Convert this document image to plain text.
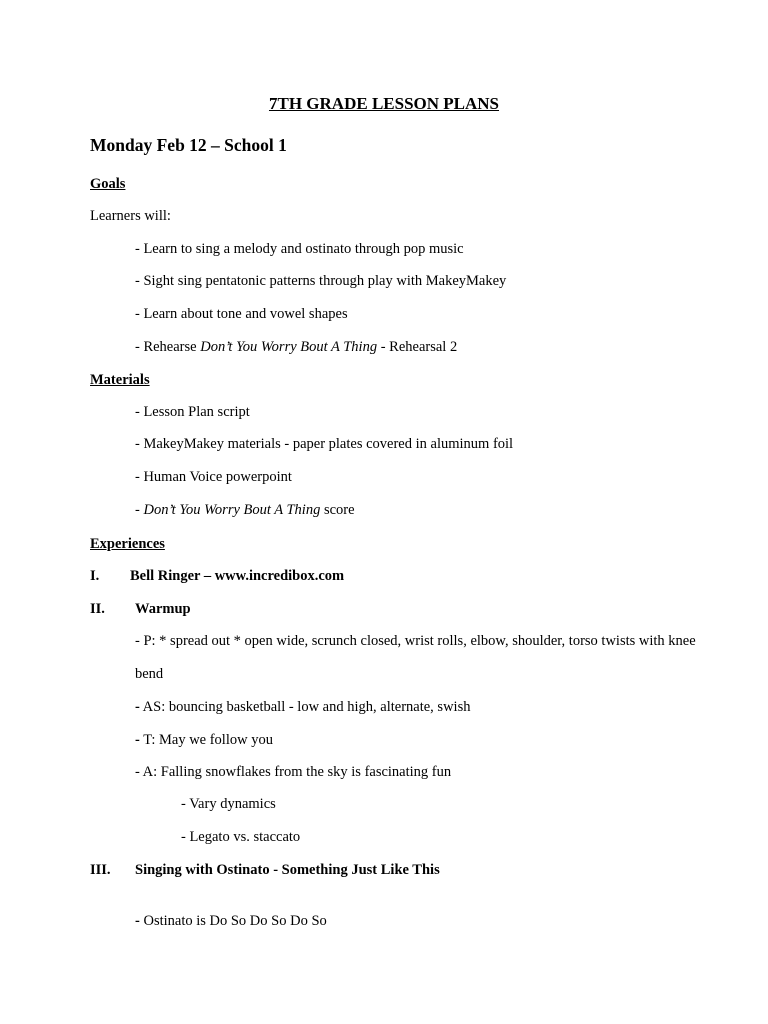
7TH GRADE LESSON PLANS
Monday Feb 12 – School 1
Goals
Learners will:
- Learn to sing a melody and ostinato through pop music
- Sight sing pentatonic patterns through play with MakeyMakey
- Learn about tone and vowel shapes
- Rehearse Don’t You Worry Bout A Thing - Rehearsal 2
Materials
- Lesson Plan script
- MakeyMakey materials - paper plates covered in aluminum foil
- Human Voice powerpoint
- Don’t You Worry Bout A Thing score
Experiences
I. Bell Ringer – www.incredibox.com
II. Warmup
- P: * spread out * open wide, scrunch closed, wrist rolls, elbow, shoulder, torso twists with knee
bend
- AS: bouncing basketball - low and high, alternate, swish
- T: May we follow you
- A: Falling snowflakes from the sky is fascinating fun
- Vary dynamics
- Legato vs. staccato
III. Singing with Ostinato - Something Just Like This
- Ostinato is Do So Do So Do So
